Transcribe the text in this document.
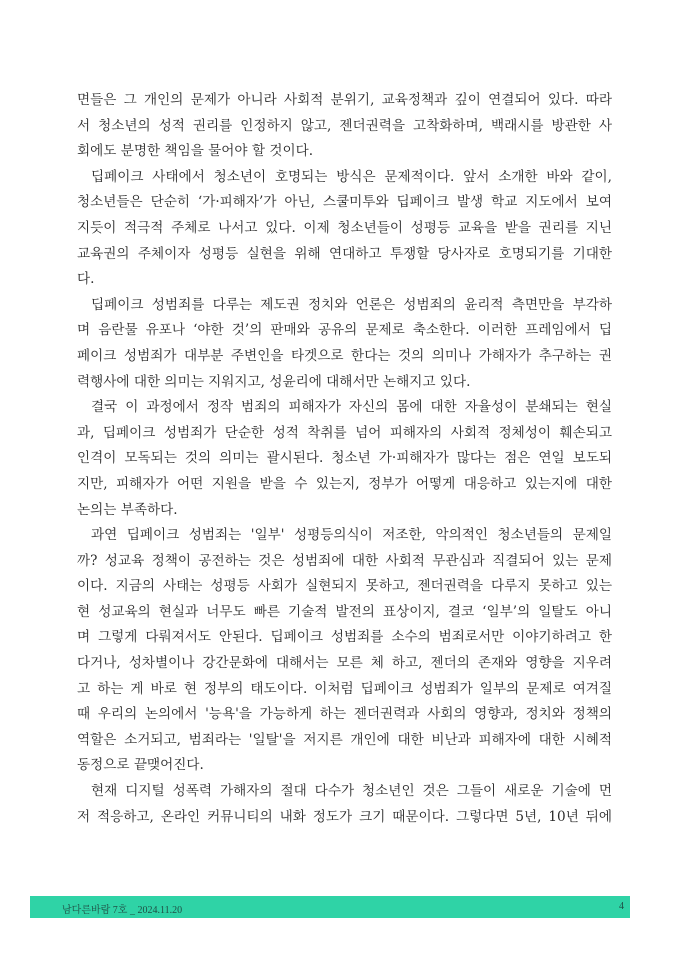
면들은 그 개인의 문제가 아니라 사회적 분위기, 교육정책과 깊이 연결되어 있다. 따라
서 청소년의 성적 권리를 인정하지 않고, 젠더권력을 고착화하며, 백래시를 방관한 사
회에도 분명한 책임을 물어야 할 것이다.

딥페이크 사태에서 청소년이 호명되는 방식은 문제적이다. 앞서 소개한 바와 같이,
청소년들은 단순히 ‘가·피해자’가 아닌, 스쿨미투와 딥페이크 발생 학교 지도에서 보여
지듯이 적극적 주체로 나서고 있다. 이제 청소년들이 성평등 교육을 받을 권리를 지닌
교육권의 주체이자 성평등 실현을 위해 연대하고 투쟁할 당사자로 호명되기를 기대한
다.

딥페이크 성범죄를 다루는 제도권 정치와 언론은 성범죄의 윤리적 측면만을 부각하
며 음란물 유포나 ‘야한 것’의 판매와 공유의 문제로 축소한다. 이러한 프레임에서 딥
페이크 성범죄가 대부분 주변인을 타겟으로 한다는 것의 의미나 가해자가 추구하는 권
력행사에 대한 의미는 지워지고, 성윤리에 대해서만 논해지고 있다.

결국 이 과정에서 정작 범죄의 피해자가 자신의 몸에 대한 자율성이 분쇄되는 현실
과, 딥페이크 성범죄가 단순한 성적 착취를 넘어 피해자의 사회적 정체성이 훼손되고
인격이 모독되는 것의 의미는 괄시된다. 청소년 가·피해자가 많다는 점은 연일 보도되
지만, 피해자가 어떤 지원을 받을 수 있는지, 정부가 어떻게 대응하고 있는지에 대한
논의는 부족하다.

과연 딥페이크 성범죄는 '일부' 성평등의식이 저조한, 악의적인 청소년들의 문제일
까? 성교육 정책이 공전하는 것은 성범죄에 대한 사회적 무관심과 직결되어 있는 문제
이다. 지금의 사태는 성평등 사회가 실현되지 못하고, 젠더권력을 다루지 못하고 있는
현 성교육의 현실과 너무도 빠른 기술적 발전의 표상이지, 결코 ‘일부’의 일탈도 아니
며 그렇게 다뤄져서도 안된다. 딥페이크 성범죄를 소수의 범죄로서만 이야기하려고 한
다거나, 성차별이나 강간문화에 대해서는 모른 체 하고, 젠더의 존재와 영향을 지우려
고 하는 게 바로 현 정부의 태도이다. 이처럼 딥페이크 성범죄가 일부의 문제로 여겨질
때 우리의 논의에서 '능욕'을 가능하게 하는 젠더권력과 사회의 영향과, 정치와 정책의
역할은 소거되고, 범죄라는 '일탈'을 저지른 개인에 대한 비난과 피해자에 대한 시혜적
동정으로 끝맺어진다.

현재 디지털 성폭력 가해자의 절대 다수가 청소년인 것은 그들이 새로운 기술에 먼
저 적응하고, 온라인 커뮤니티의 내화 정도가 크기 때문이다. 그렇다면 5년, 10년 뒤에

남다른바람 7호 _ 2024.11.20	4
